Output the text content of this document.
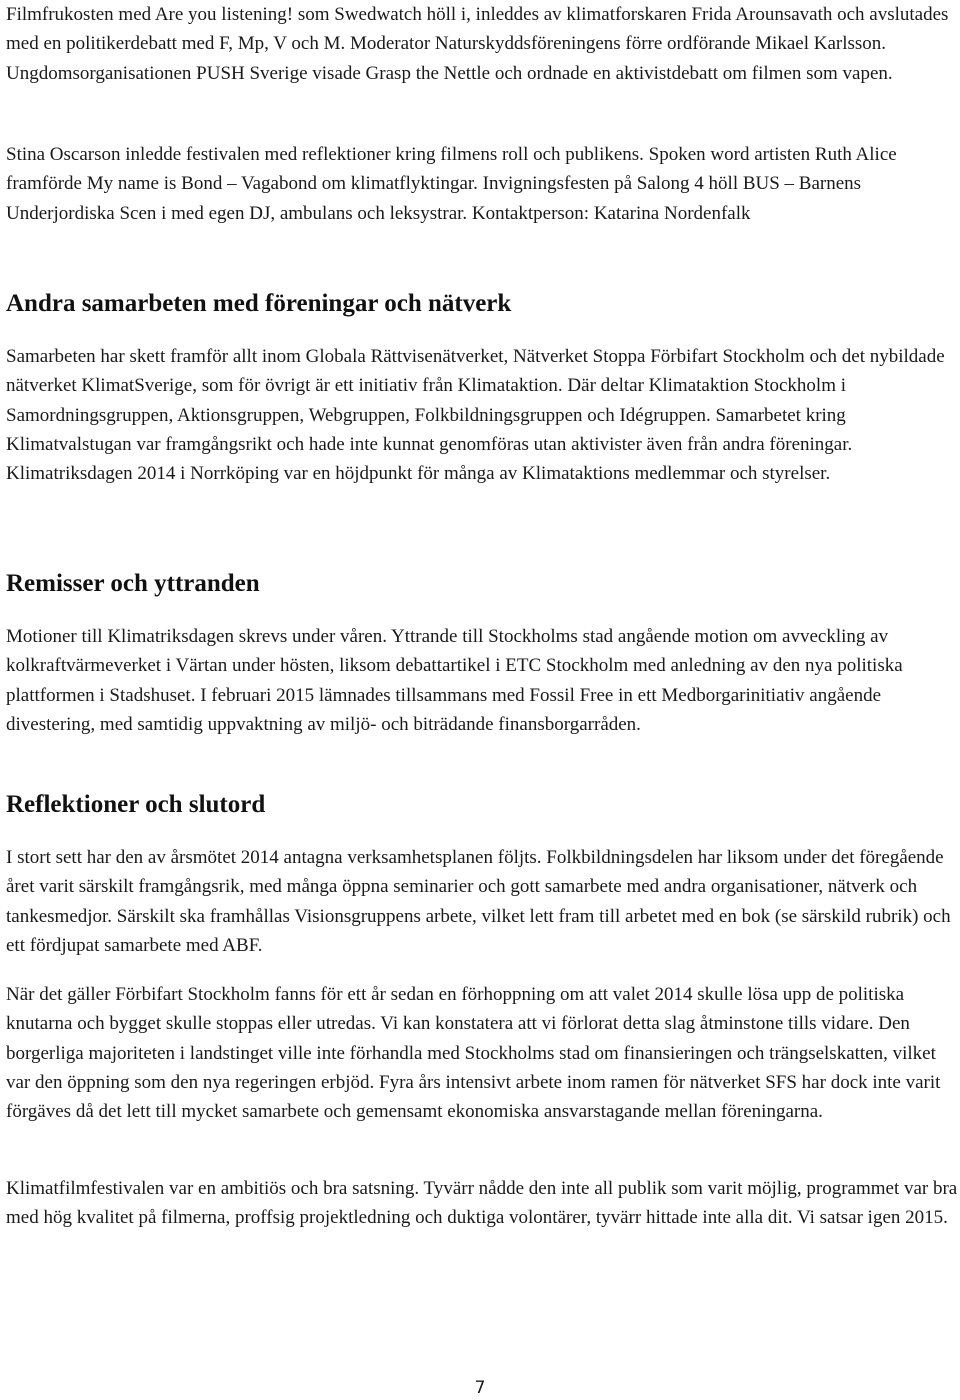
Filmfrukosten med Are you listening! som Swedwatch höll i, inleddes av klimatforskaren Frida Arounsavath och avslutades med en politikerdebatt med F, Mp, V och M. Moderator Naturskyddsföreningens förre ordförande Mikael Karlsson. Ungdomsorganisationen PUSH Sverige visade Grasp the Nettle och ordnade en aktivistdebatt om filmen som vapen.

Stina Oscarson inledde festivalen med reflektioner kring filmens roll och publikens. Spoken word artisten Ruth Alice framförde My name is Bond – Vagabond om klimatflyktingar. Invigningsfesten på Salong 4 höll BUS – Barnens Underjordiska Scen i med egen DJ, ambulans och leksystrar. Kontaktperson: Katarina Nordenfalk

Andra samarbeten med föreningar och nätverk

Samarbeten har skett framför allt inom Globala Rättvisenätverket, Nätverket Stoppa Förbifart Stockholm och det nybildade nätverket KlimatSverige, som för övrigt är ett initiativ från Klimataktion. Där deltar Klimataktion Stockholm i Samordningsgruppen, Aktionsgruppen, Webgruppen, Folkbildningsgruppen och Idégruppen. Samarbetet kring Klimatvalstugan var framgångsrikt och hade inte kunnat genomföras utan aktivister även från andra föreningar. Klimatriksdagen 2014 i Norrköping var en höjdpunkt för många av Klimataktions medlemmar och styrelser.

Remisser och yttranden

Motioner till Klimatriksdagen skrevs under våren. Yttrande till Stockholms stad angående motion om avveckling av kolkraftvärmeverket i Värtan under hösten, liksom debattartikel i ETC Stockholm med anledning av den nya politiska plattformen i Stadshuset. I februari 2015 lämnades tillsammans med Fossil Free in ett Medborgarinitiativ angående divestering, med samtidig uppvaktning av miljö- och biträdande finansborgarråden.

Reflektioner och slutord

I stort sett har den av årsmötet 2014 antagna verksamhetsplanen följts. Folkbildningsdelen har liksom under det föregående året varit särskilt framgångsrik, med många öppna seminarier och gott samarbete med andra organisationer, nätverk och tankesmedjor. Särskilt ska framhållas Visionsgruppens arbete, vilket lett fram till arbetet med en bok (se särskild rubrik) och ett fördjupat samarbete med ABF.

När det gäller Förbifart Stockholm fanns för ett år sedan en förhoppning om att valet 2014 skulle lösa upp de politiska knutarna och bygget skulle stoppas eller utredas. Vi kan konstatera att vi förlorat detta slag åtminstone tills vidare. Den borgerliga majoriteten i landstinget ville inte förhandla med Stockholms stad om finansieringen och trängselskatten, vilket var den öppning som den nya regeringen erbjöd. Fyra års intensivt arbete inom ramen för nätverket SFS har dock inte varit förgäves då det lett till mycket samarbete och gemensamt ekonomiska ansvarstagande mellan föreningarna.

Klimatfilmfestivalen var en ambitiös och bra satsning. Tyvärr nådde den inte all publik som varit möjlig, programmet var bra med hög kvalitet på filmerna, proffsig projektledning och duktiga volontärer, tyvärr hittade inte alla dit. Vi satsar igen 2015.

7
